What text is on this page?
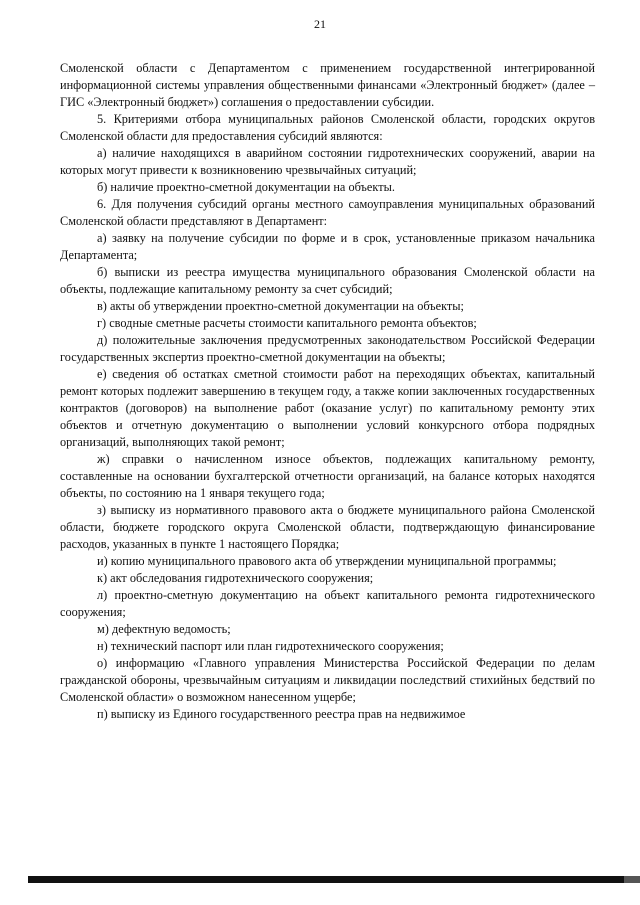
21

Смоленской области с Департаментом с применением государственной интегрированной информационной системы управления общественными финансами «Электронный бюджет» (далее – ГИС «Электронный бюджет») соглашения о предоставлении субсидии.

5. Критериями отбора муниципальных районов Смоленской области, городских округов Смоленской области для предоставления субсидий являются:

а) наличие находящихся в аварийном состоянии гидротехнических сооружений, аварии на которых могут привести к возникновению чрезвычайных ситуаций;

б) наличие проектно-сметной документации на объекты.

6. Для получения субсидий органы местного самоуправления муниципальных образований Смоленской области представляют в Департамент:

а) заявку на получение субсидии по форме и в срок, установленные приказом начальника Департамента;

б) выписки из реестра имущества муниципального образования Смоленской области на объекты, подлежащие капитальному ремонту за счет субсидий;

в) акты об утверждении проектно-сметной документации на объекты;

г) сводные сметные расчеты стоимости капитального ремонта объектов;

д) положительные заключения предусмотренных законодательством Российской Федерации государственных экспертиз проектно-сметной документации на объекты;

е) сведения об остатках сметной стоимости работ на переходящих объектах, капитальный ремонт которых подлежит завершению в текущем году, а также копии заключенных государственных контрактов (договоров) на выполнение работ (оказание услуг) по капитальному ремонту этих объектов и отчетную документацию о выполнении условий конкурсного отбора подрядных организаций, выполняющих такой ремонт;

ж) справки о начисленном износе объектов, подлежащих капитальному ремонту, составленные на основании бухгалтерской отчетности организаций, на балансе которых находятся объекты, по состоянию на 1 января текущего года;

з) выписку из нормативного правового акта о бюджете муниципального района Смоленской области, бюджете городского округа Смоленской области, подтверждающую финансирование расходов, указанных в пункте 1 настоящего Порядка;

и) копию муниципального правового акта об утверждении муниципальной программы;

к) акт обследования гидротехнического сооружения;

л) проектно-сметную документацию на объект капитального ремонта гидротехнического сооружения;

м) дефектную ведомость;

н) технический паспорт или план гидротехнического сооружения;

о) информацию «Главного управления Министерства Российской Федерации по делам гражданской обороны, чрезвычайным ситуациям и ликвидации последствий стихийных бедствий по Смоленской области» о возможном нанесенном ущербе;

п) выписку из Единого государственного реестра прав на недвижимое
